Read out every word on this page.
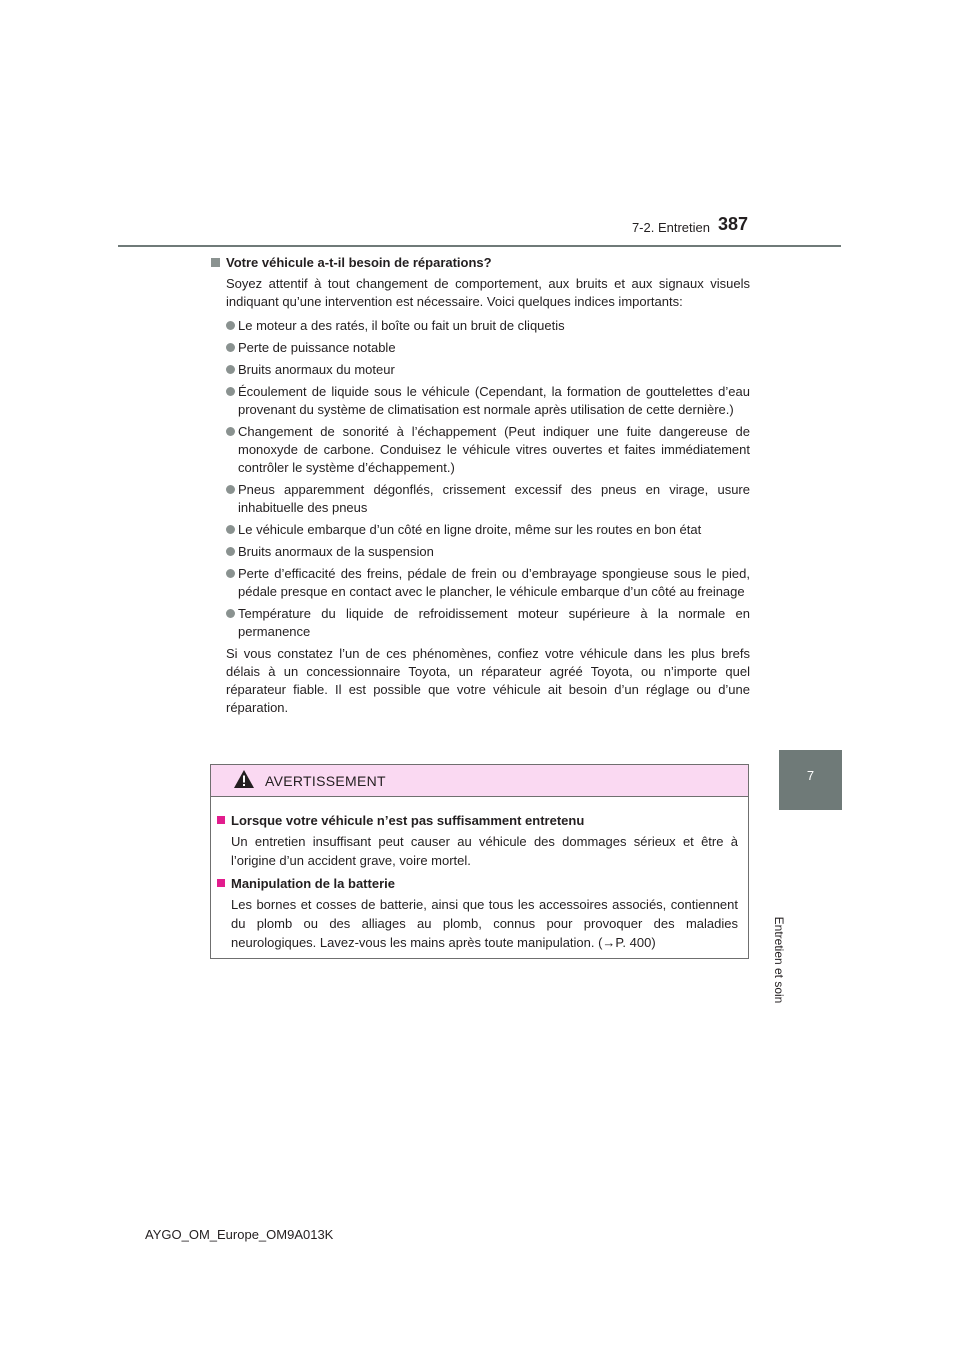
7-2. Entretien 387
7
Entretien et soin
Votre véhicule a-t-il besoin de réparations?
Soyez attentif à tout changement de comportement, aux bruits et aux signaux visuels indiquant qu’une intervention est nécessaire. Voici quelques indices importants:
Le moteur a des ratés, il boîte ou fait un bruit de cliquetis
Perte de puissance notable
Bruits anormaux du moteur
Écoulement de liquide sous le véhicule (Cependant, la formation de gouttelettes d’eau provenant du système de climatisation est normale après utilisation de cette dernière.)
Changement de sonorité à l’échappement (Peut indiquer une fuite dangereuse de monoxyde de carbone. Conduisez le véhicule vitres ouvertes et faites immédiatement contrôler le système d’échappement.)
Pneus apparemment dégonflés, crissement excessif des pneus en virage, usure inhabituelle des pneus
Le véhicule embarque d’un côté en ligne droite, même sur les routes en bon état
Bruits anormaux de la suspension
Perte d’efficacité des freins, pédale de frein ou d’embrayage spongieuse sous le pied, pédale presque en contact avec le plancher, le véhicule embarque d’un côté au freinage
Température du liquide de refroidissement moteur supérieure à la normale en permanence
Si vous constatez l’un de ces phénomènes, confiez votre véhicule dans les plus brefs délais à un concessionnaire Toyota, un réparateur agréé Toyota, ou n’importe quel réparateur fiable. Il est possible que votre véhicule ait besoin d’un réglage ou d’une réparation.
AVERTISSEMENT
Lorsque votre véhicule n’est pas suffisamment entretenu
Un entretien insuffisant peut causer au véhicule des dommages sérieux et être à l’origine d’un accident grave, voire mortel.
Manipulation de la batterie
Les bornes et cosses de batterie, ainsi que tous les accessoires associés, contiennent du plomb ou des alliages au plomb, connus pour provoquer des maladies neurologiques. Lavez-vous les mains après toute manipulation. (→P. 400)
AYGO_OM_Europe_OM9A013K
